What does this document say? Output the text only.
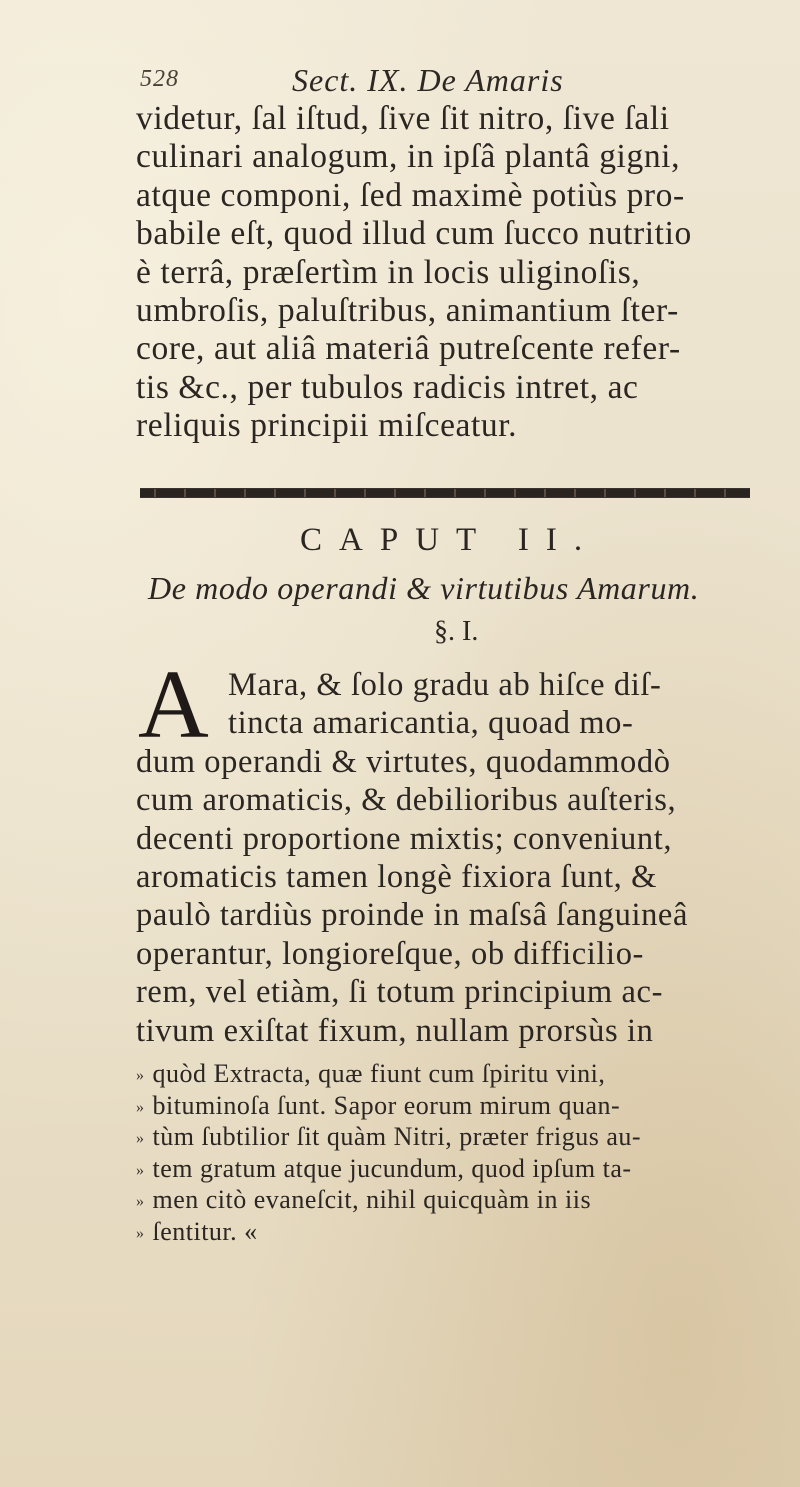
528	Sect. IX. De Amaris
videtur, ſal iſtud, ſive ſit nitro, ſive ſali
culinari analogum, in ipſâ plantâ gigni,
atque componi, ſed maximè potiùs pro-
babile eſt, quod illud cum ſucco nutritio
è terrâ, præſertìm in locis uliginoſis,
umbroſis, paluſtribus, animantium ſter-
core, aut aliâ materiâ putreſcente refer-
tis &c., per tubulos radicis intret, ac
reliquis principii miſceatur.
CAPUT II.
De modo operandi & virtutibus Amarum.
§. I.
A Mara, & ſolo gradu ab hiſce diſ-
tincta amaricantia, quoad mo-
dum operandi & virtutes, quodammodò
cum aromaticis, & debilioribus auſteris,
decenti proportione mixtis; conveniunt,
aromaticis tamen longè fixiora ſunt, &
paulò tardiùs proinde in maſsâ ſanguineâ
operantur, longioreſque, ob difficilio-
rem, vel etiàm, ſi totum principium ac-
tivum exiſtat fixum, nullam prorsùs in
» quòd Extracta, quæ fiunt cum ſpiritu vini,
» bituminoſa ſunt. Sapor eorum mirum quan-
» tùm ſubtilior ſit quàm Nitri, præter frigus au-
» tem gratum atque jucundum, quod ipſum ta-
» men citò evaneſcit, nihil quicquàm in iis
» ſentitur. «
